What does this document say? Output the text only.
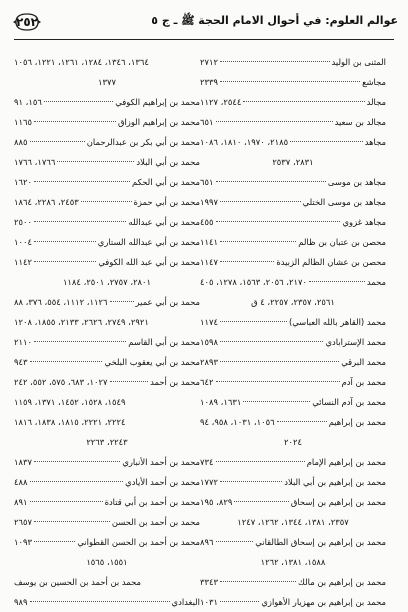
٢٥٢	عوالم العلوم: في أحوال الامام الحجة ﷺ ـ ج ٥
المثنى بن الوليد
٢٧١٢
مجاشع
٢٣٣٩
مجالد
٢٥٤٤، ١١٢٧
مجالد بن سعيد
٦٥١
مجاهد
٢١٨٥، ١٩٧٠، ١٨١٠، ١٠٨٦
٢٨٣١، ٢٥٣٧
مجاهد بن موسى
٦٥١
مجاهد بن موسى الختلي
١٩٩٧
مجاهد غزوي
٤٥٥
محصن بن عتبان بن ظالم
١١٤١
محصن بن عشان الظالم الزبيدة
١١٤٧
محمد
٢١٧٠، ٢٠٥٦، ١٥٦٣، ١٢٧٨، ٤٠٥
٢٥٦١، ٢٣٥٧، ٢٢٥٧، ٤ ق
محمد (القاهر بالله العباسي)
١١٧٤
محمد الإسترابادي
١٥٩٨
محمد البرقي
٢٨٩٣
محمد بن آدم
٦٤٢
محمد بن آدم النسائي
١٦٣١، ١٠٨٩
محمد بن إبراهيم
١٠٥٦، ١٠٣١، ٩٥٨، ٩٤
٢٠٢٤
محمد بن إبراهيم الإمام
٧٣٤
محمد بن إبراهيم بن أبي البلاد
١٧٧٢
محمد بن إبراهيم بن إسحاق
٨٢٩، ١٩٥
٢٣٥٧، ١٣٨١، ١٣٤٤، ١٢٦٢، ١٢٤٧
محمد بن إبراهيم بن إسحاق الطالقاني
٨٩٦
١٥٨٨، ١٣٨١، ١٢٦٢
محمد بن إبراهيم بن مالك
٣٣٤٣
محمد بن إبراهيم بن مهزيار الأهوازي
١٠٣١
١٣٦٤، ١٣٤٦، ١٢٨٤، ١٢٦١، ١٢٢١، ١٠٥٦
١٣٧٧
محمد بن إبراهيم الكوفي
١٥٦، ٩١
محمد بن إبراهيم الوزاق
١١٦٥
محمد بن أبي بكر بن عبدالرحمان
٨٨٥
محمد بن أبي البلاد
١٧٦٦، ١٧٦٦
محمد بن أبي الحكم
١٦٢٠
محمد بن أبي حمزة
٢٤٥٣، ٢٢٨٦، ١٨٦٤
محمد بن أبي عبدالله
٢٥٠٠
محمد بن أبي عبدالله الستاري
١٠٠٤
محمد بن أبي عبد الله الكوفي
١١٤٢
٢٨٠١، ٢٧٥٧، ٢٥٠١، ١١٨٤
محمد بن أبي عمير
١١٢٦، ١١١٢، ٥٥٤، ٣٧٦، ٨٨
٢٩٢١، ٢٧٤٩، ٢٦٢٦، ٢١٣٣، ١٨٥٥، ١٢٠٨
محمد بن أبي القاسم
٢١١٠
محمد بن أبي يعقوب البلخي
٩٤٣
محمد بن أحمد
١٠٢٧، ٦٨٣، ٥٧٥، ٥٥٢، ٢٤٢
١٥٤٩، ١٥٢٨، ١٤٥٢، ١٣٧١، ١١٥٩
٢٢٢٤، ٢٢٢١، ١٨١٥، ١٨٣٨، ١٨١٦
٢٢٤٣، ٢٢٦٣
محمد بن أحمد الأنباري
١٨٣٧
محمد بن أحمد الأيادي
٤٨٨
محمد بن أحمد بن أبي قتادة
٨٩١
محمد بن أحمد بن الحسن
٢٦٥٧
محمد بن أحمد بن الحسن القطواني
١٠٩٣
١٥٥١، ١٥٦٥
محمد بن أحمد بن الحسين بن يوسف
البغدادي
٩٨٩
